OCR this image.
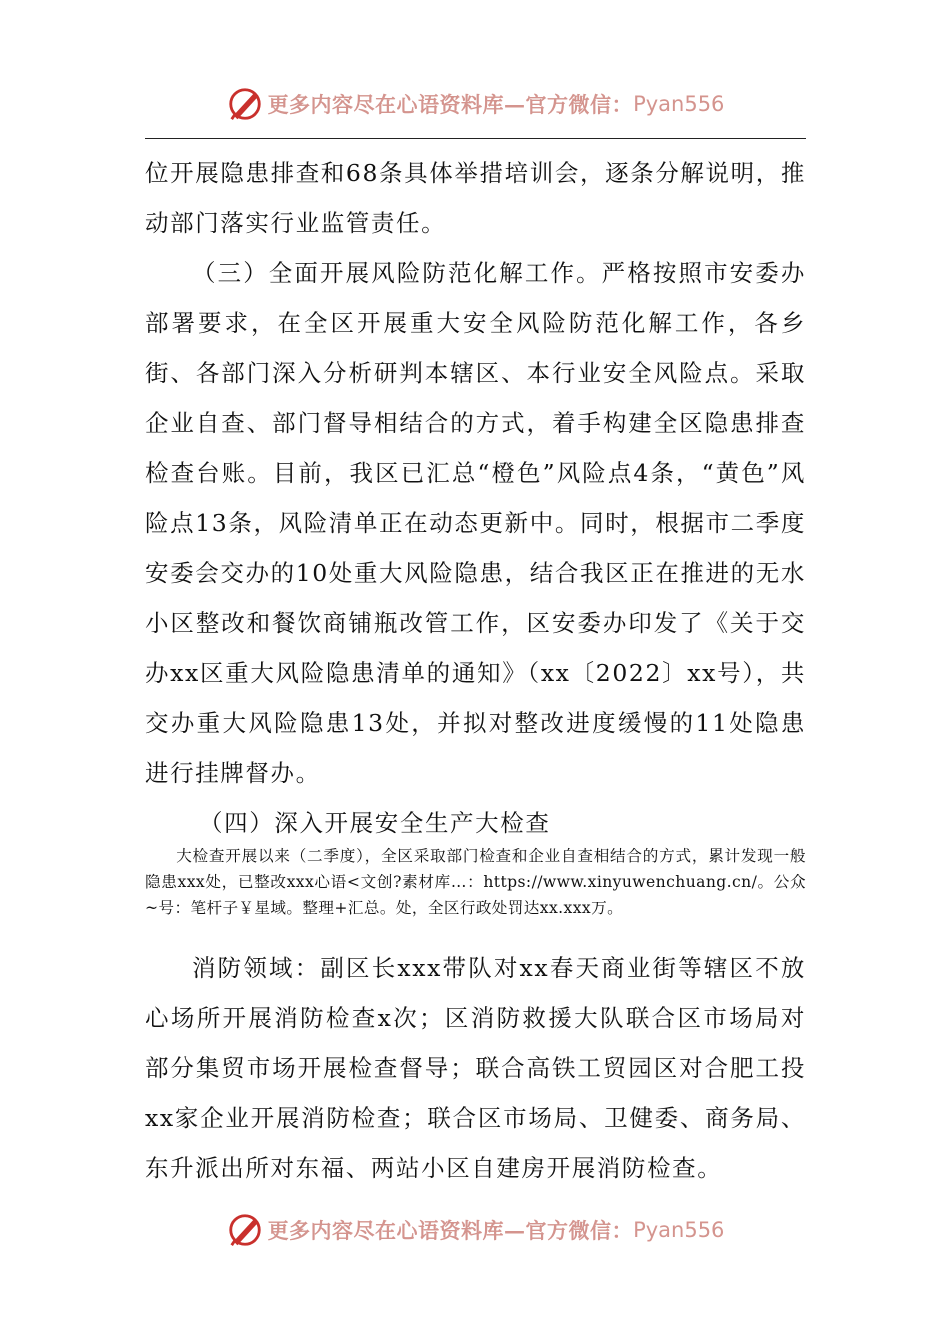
更多内容尽在心语资料库—官方微信： Pyan556

位开展隐患排查和68条具体举措培训会，逐条分解说明，推动部门落实行业监管责任。

（三）全面开展风险防范化解工作。严格按照市安委办部署要求，在全区开展重大安全风险防范化解工作，各乡街、各部门深入分析研判本辖区、本行业安全风险点。采取企业自查、部门督导相结合的方式，着手构建全区隐患排查检查台账。目前，我区已汇总“橙色”风险点4条，“黄色”风险点13条，风险清单正在动态更新中。同时，根据市二季度安委会交办的10处重大风险隐患，结合我区正在推进的无水小区整改和餐饮商铺瓶改管工作，区安委办印发了《关于交办xx区重大风险隐患清单的通知》（xx〔2022〕xx号），共交办重大风险隐患13处，并拟对整改进度缓慢的11处隐患进行挂牌督办。

（四）深入开展安全生产大检查

大检查开展以来（二季度），全区采取部门检查和企业自查相结合的方式，累计发现一般隐患xxx处，已整改xxx心语<文创?素材库…：https://www.xinyuwenchuang.cn/。公众~号：笔杆子￥星域。整理+汇总。处，全区行政处罚达xx.xxx万。

消防领域：副区长xxx带队对xx春天商业街等辖区不放心场所开展消防检查x次；区消防救援大队联合区市场局对部分集贸市场开展检查督导；联合高铁工贸园区对合肥工投xx家企业开展消防检查；联合区市场局、卫健委、商务局、东升派出所对东福、两站小区自建房开展消防检查。

更多内容尽在心语资料库—官方微信： Pyan556
